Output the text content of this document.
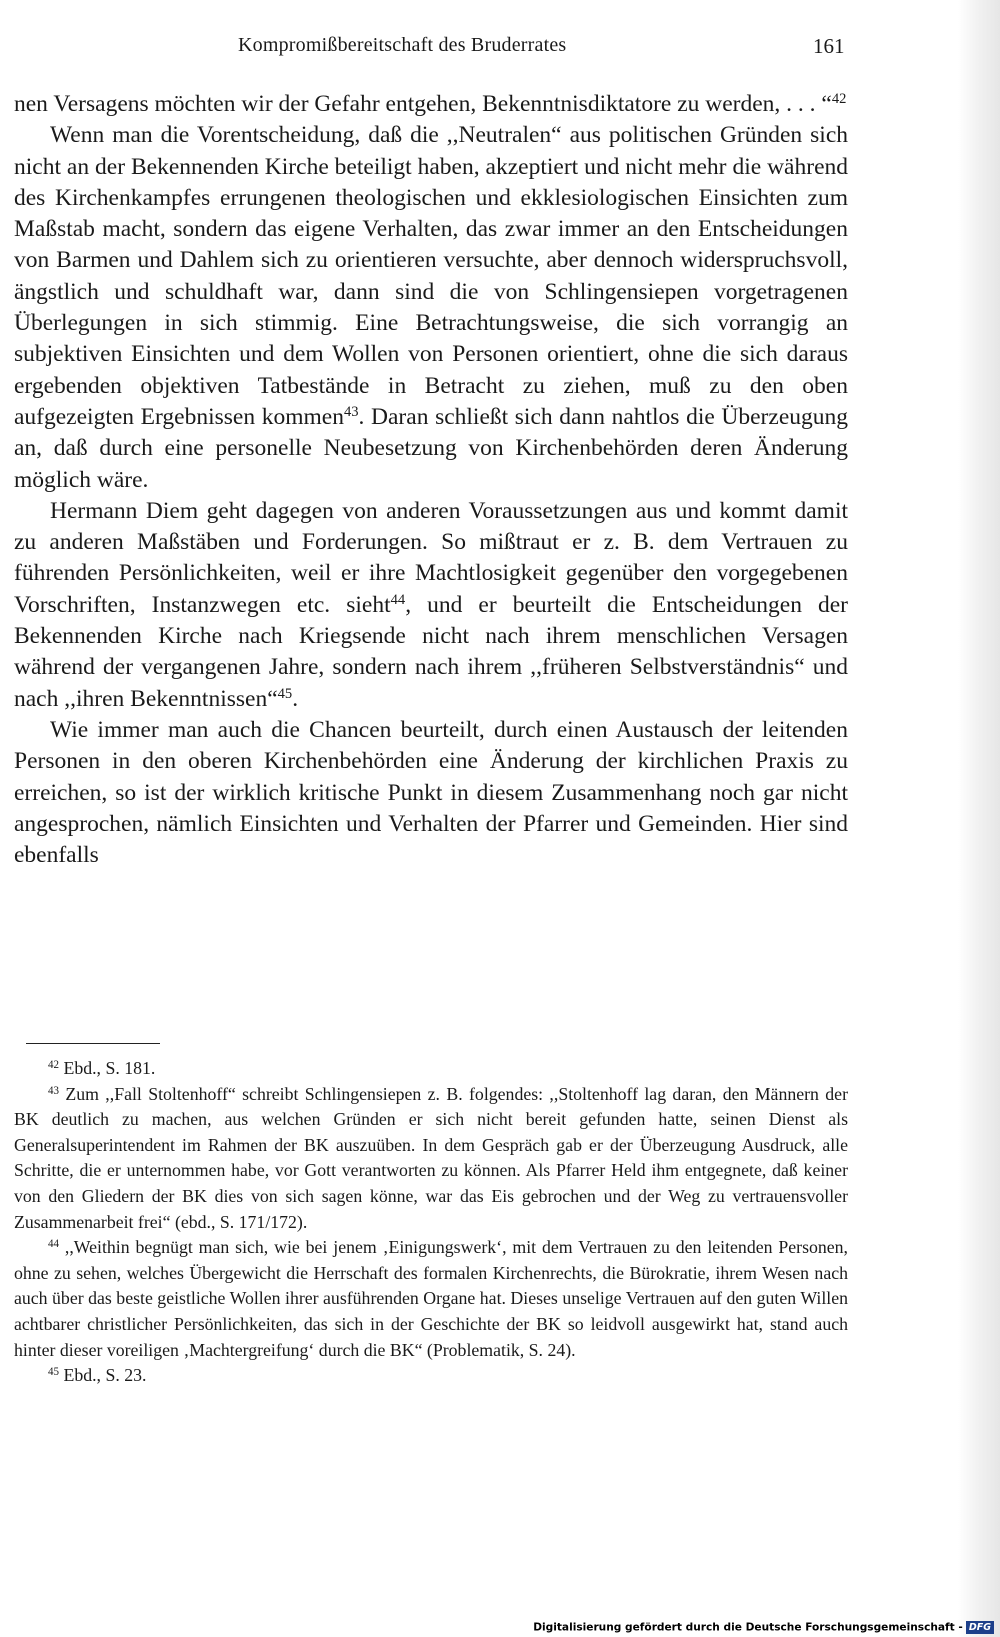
Kompromißbereitschaft des Bruderrates	161

nen Versagens möchten wir der Gefahr entgehen, Bekenntnisdiktatore zu werden, . . . “$^{42}$

Wenn man die Vorentscheidung, daß die ,,Neutralen“ aus politischen Gründen sich nicht an der Bekennenden Kirche beteiligt haben, akzeptiert und nicht mehr die während des Kirchenkampfes errungenen theologischen und ekklesiologischen Einsichten zum Maßstab macht, sondern das eigene Verhalten, das zwar immer an den Entscheidungen von Barmen und Dahlem sich zu orientieren versuchte, aber dennoch widerspruchsvoll, ängstlich und schuldhaft war, dann sind die von Schlingensiepen vorgetragenen Überlegungen in sich stimmig. Eine Betrachtungsweise, die sich vorrangig an subjektiven Einsichten und dem Wollen von Personen orientiert, ohne die sich daraus ergebenden objektiven Tatbestände in Betracht zu ziehen, muß zu den oben aufgezeigten Ergebnissen kommen$^{43}$. Daran schließt sich dann nahtlos die Überzeugung an, daß durch eine personelle Neubesetzung von Kirchenbehörden deren Änderung möglich wäre.

Hermann Diem geht dagegen von anderen Voraussetzungen aus und kommt damit zu anderen Maßstäben und Forderungen. So mißtraut er z. B. dem Vertrauen zu führenden Persönlichkeiten, weil er ihre Machtlosigkeit gegenüber den vorgegebenen Vorschriften, Instanzwegen etc. sieht$^{44}$, und er beurteilt die Entscheidungen der Bekennenden Kirche nach Kriegsende nicht nach ihrem menschlichen Versagen während der vergangenen Jahre, sondern nach ihrem ,,früheren Selbstverständnis“ und nach ,,ihren Bekenntnissen“$^{45}$.

Wie immer man auch die Chancen beurteilt, durch einen Austausch der leitenden Personen in den oberen Kirchenbehörden eine Änderung der kirchlichen Praxis zu erreichen, so ist der wirklich kritische Punkt in diesem Zusammenhang noch gar nicht angesprochen, nämlich Einsichten und Verhalten der Pfarrer und Gemeinden. Hier sind ebenfalls

$^{42}$ Ebd., S. 181.

$^{43}$ Zum ,,Fall Stoltenhoff“ schreibt Schlingensiepen z. B. folgendes: ,,Stoltenhoff lag daran, den Männern der BK deutlich zu machen, aus welchen Gründen er sich nicht bereit gefunden hatte, seinen Dienst als Generalsuperintendent im Rahmen der BK auszuüben. In dem Gespräch gab er der Überzeugung Ausdruck, alle Schritte, die er unternommen habe, vor Gott verantworten zu können. Als Pfarrer Held ihm entgegnete, daß keiner von den Gliedern der BK dies von sich sagen könne, war das Eis gebrochen und der Weg zu vertrauensvoller Zusammenarbeit frei“ (ebd., S. 171/172).

$^{44}$ ,,Weithin begnügt man sich, wie bei jenem ‚Einigungswerk‘, mit dem Vertrauen zu den leitenden Personen, ohne zu sehen, welches Übergewicht die Herrschaft des formalen Kirchenrechts, die Bürokratie, ihrem Wesen nach auch über das beste geistliche Wollen ihrer ausführenden Organe hat. Dieses unselige Vertrauen auf den guten Willen achtbarer christlicher Persönlichkeiten, das sich in der Geschichte der BK so leidvoll ausgewirkt hat, stand auch hinter dieser voreiligen ‚Machtergreifung‘ durch die BK“ (Problematik, S. 24).

$^{45}$ Ebd., S. 23.

Digitalisierung gefördert durch die Deutsche Forschungsgemeinschaft - DFG
